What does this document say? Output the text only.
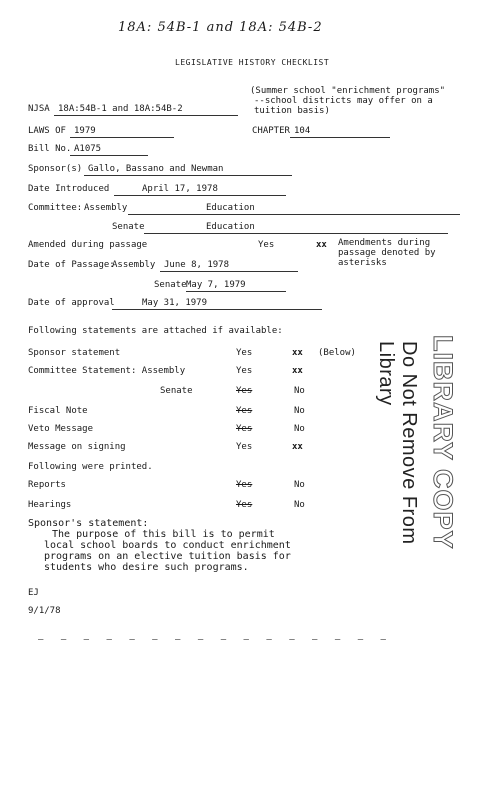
18A: 54B-1 and 18A: 54B-2
LEGISLATIVE HISTORY CHECKLIST
(Summer school "enrichment programs"
--school districts may offer on a
tuition basis)
NJSA 18A:54B-1 and 18A:54B-2
LAWS OF 1979	CHAPTER 104
Bill No. A1075
Sponsor(s) Gallo, Bassano and Newman
Date Introduced	April 17, 1978
Committee: Assembly	Education
Senate	Education
Amended during passage	Yes	xx Amendments during
passage denoted by
asterisks
Date of Passage:
Assembly June 8, 1978
Senate May 7, 1979
Date of approval	May 31, 1979
Following statements are attached if available:
Sponsor statement	Yes	xx (Below)
Committee Statement: Assembly	Yes	xx
Senate	Yes	No
Fiscal Note	Yes	No
Veto Message	Yes	No
Message on signing	Yes	xx
Following were printed.
Reports	Yes	No
Hearings	Yes	No
Sponsor's statement:
The purpose of this bill is to permit
local school boards to conduct enrichment
programs on an elective tuition basis for
students who desire such programs.
EJ
9/1/78
— — — — — — — — — — — — — — — —
LIBRARY COPY
Do Not Remove From Library
